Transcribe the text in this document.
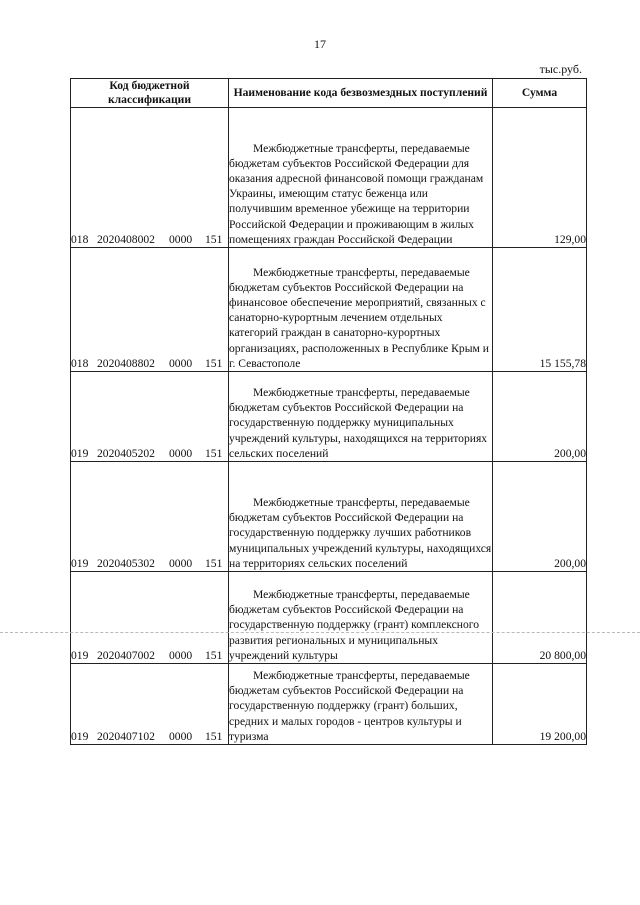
17
тыс.руб.
Код бюджетной классификации	Наименование кода безвозмездных поступлений	Сумма
018 2020408002 0000 151	Межбюджетные трансферты, передаваемые бюджетам субъектов Российской Федерации для оказания адресной финансовой помощи гражданам Украины, имеющим статус беженца или получившим временное убежище на территории Российской Федерации и проживающим в жилых помещениях граждан Российской Федерации	129,00
018 2020408802 0000 151	Межбюджетные трансферты, передаваемые бюджетам субъектов Российской Федерации на финансовое обеспечение мероприятий, связанных с санаторно-курортным лечением отдельных категорий граждан в санаторно-курортных организациях, расположенных в Республике Крым и г. Севастополе	15 155,78
019 2020405202 0000 151	Межбюджетные трансферты, передаваемые бюджетам субъектов Российской Федерации на государственную поддержку муниципальных учреждений культуры, находящихся на территориях сельских поселений	200,00
019 2020405302 0000 151	Межбюджетные трансферты, передаваемые бюджетам субъектов Российской Федерации на государственную поддержку лучших работников муниципальных учреждений культуры, находящихся на территориях сельских поселений	200,00
019 2020407002 0000 151	Межбюджетные трансферты, передаваемые бюджетам субъектов Российской Федерации на государственную поддержку (грант) комплексного развития региональных и муниципальных учреждений культуры	20 800,00
019 2020407102 0000 151	Межбюджетные трансферты, передаваемые бюджетам субъектов Российской Федерации на государственную поддержку (грант) больших, средних и малых городов - центров культуры и туризма	19 200,00
